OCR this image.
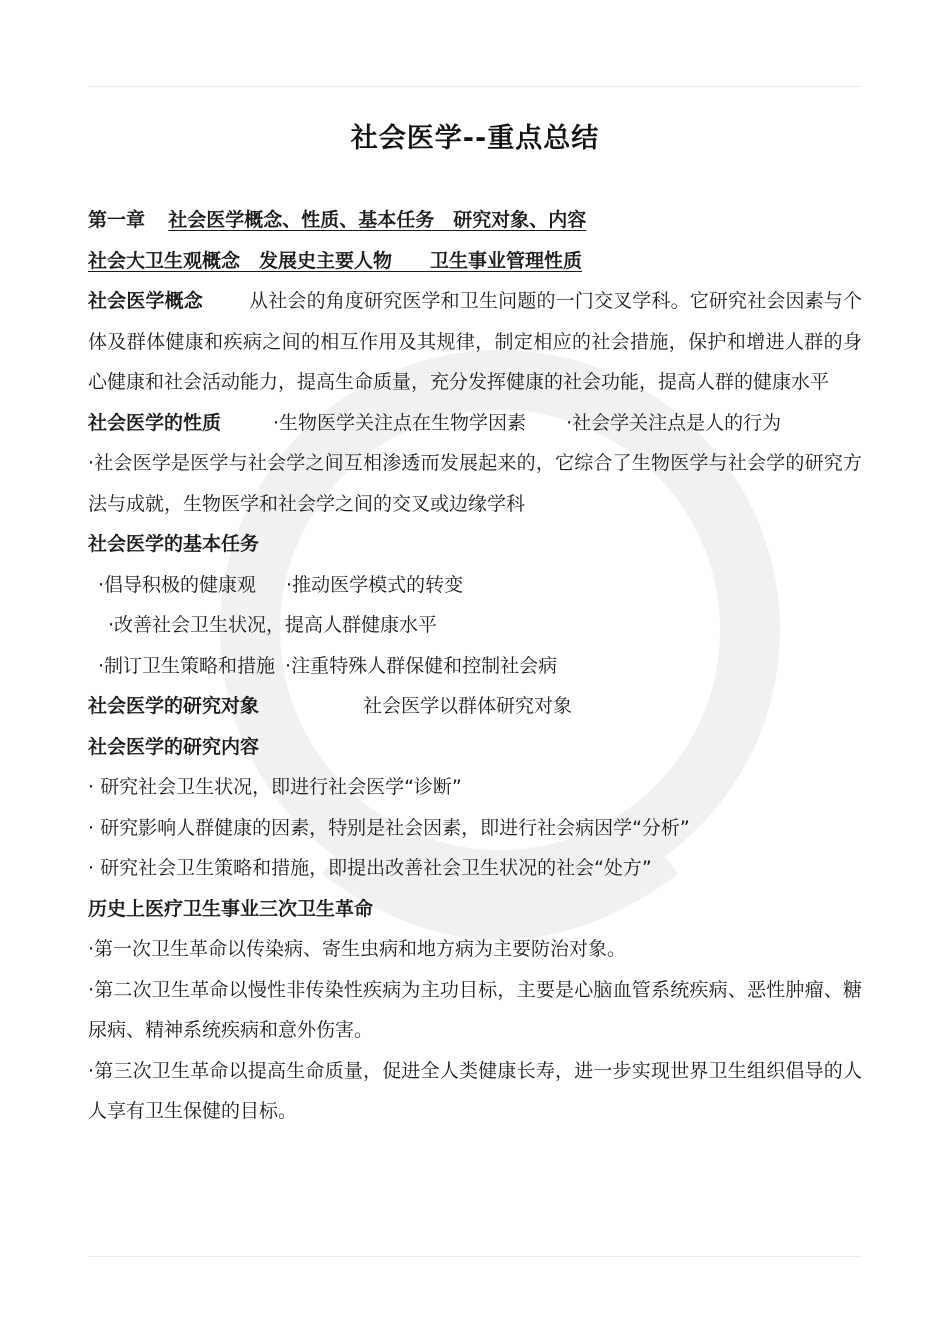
社会医学--重点总结
第一章 社会医学概念、性质、基本任务　研究对象、内容
社会大卫生观概念　发展史主要人物　　卫生事业管理性质
社会医学概念 从社会的角度研究医学和卫生问题的一门交叉学科。它研究社会因素与个体及群体健康和疾病之间的相互作用及其规律，制定相应的社会措施，保护和增进人群的身心健康和社会活动能力，提高生命质量，充分发挥健康的社会功能，提高人群的健康水平
社会医学的性质	·生物医学关注点在生物学因素 ·社会学关注点是人的行为
·社会医学是医学与社会学之间互相渗透而发展起来的，它综合了生物医学与社会学的研究方法与成就，生物医学和社会学之间的交叉或边缘学科
社会医学的基本任务
·倡导积极的健康观 ·推动医学模式的转变
·改善社会卫生状况，提高人群健康水平
·制订卫生策略和措施 ·注重特殊人群保健和控制社会病
社会医学的研究对象	社会医学以群体研究对象
社会医学的研究内容
· 研究社会卫生状况，即进行社会医学“诊断”
· 研究影响人群健康的因素，特别是社会因素，即进行社会病因学“分析”
· 研究社会卫生策略和措施，即提出改善社会卫生状况的社会“处方”
历史上医疗卫生事业三次卫生革命
·第一次卫生革命以传染病、寄生虫病和地方病为主要防治对象。
·第二次卫生革命以慢性非传染性疾病为主功目标，主要是心脑血管系统疾病、恶性肿瘤、糖尿病、精神系统疾病和意外伤害。
·第三次卫生革命以提高生命质量，促进全人类健康长寿，进一步实现世界卫生组织倡导的人人享有卫生保健的目标。
